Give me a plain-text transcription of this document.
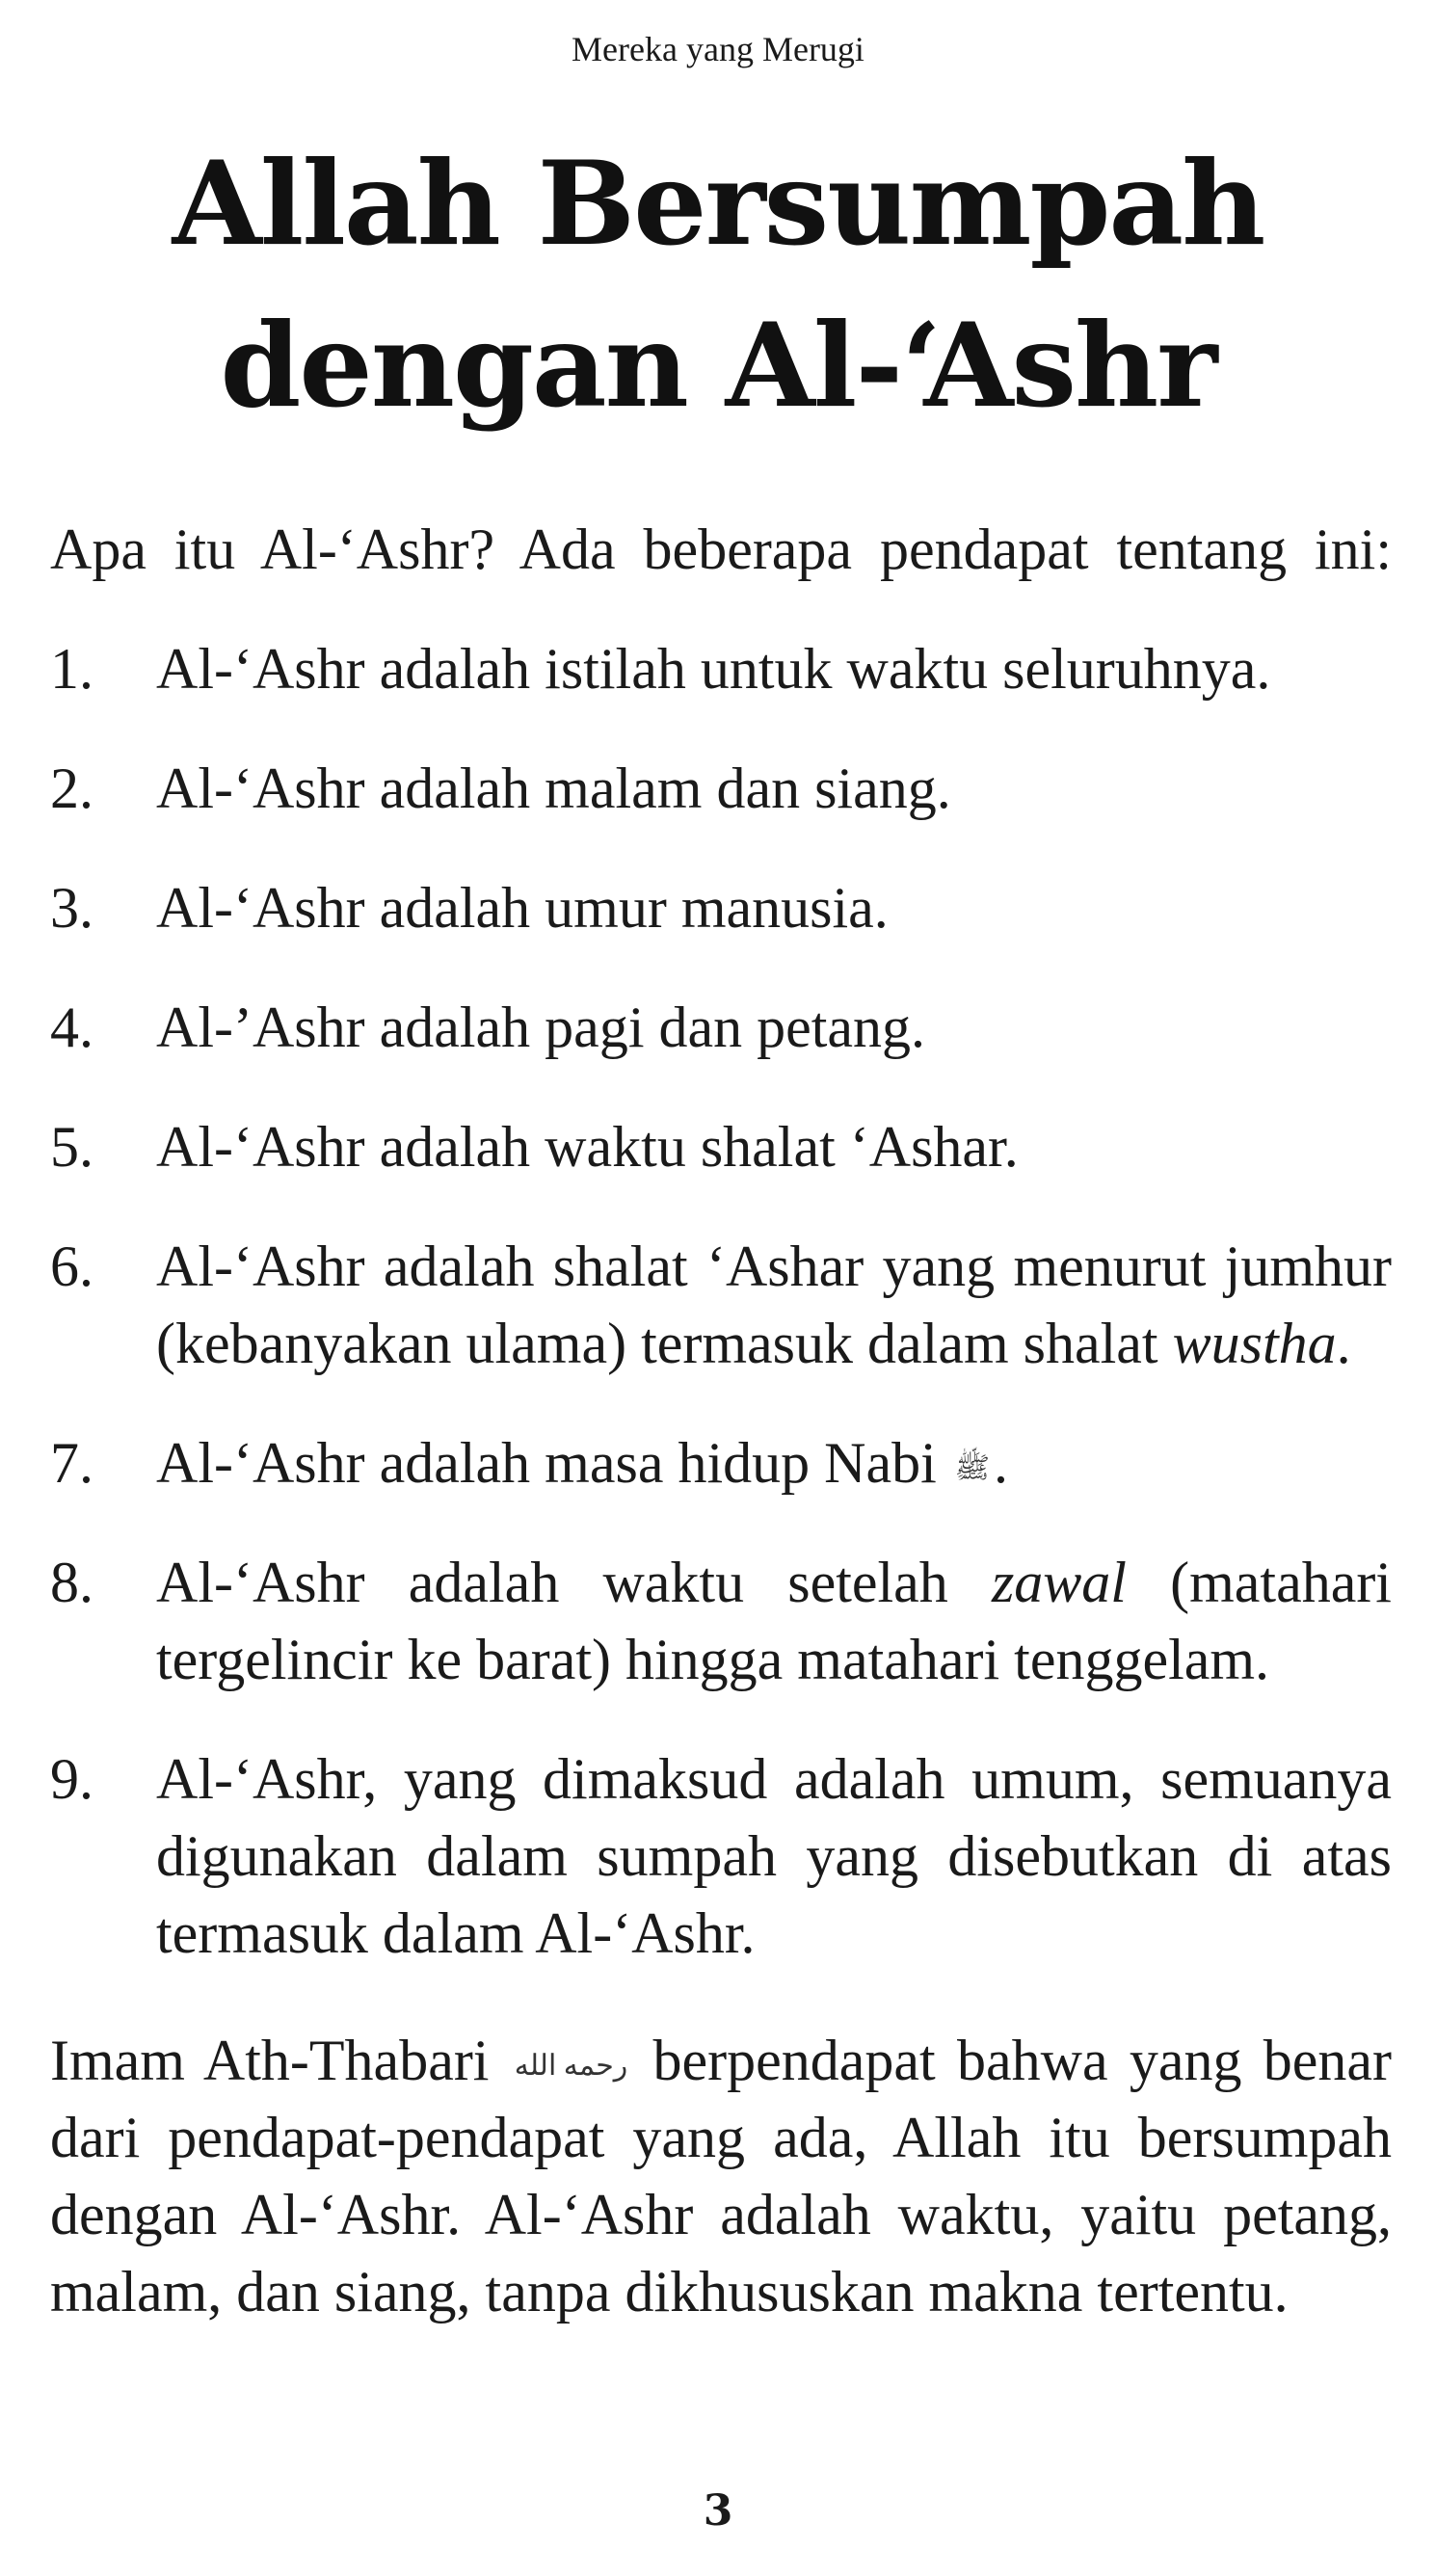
Mereka yang Merugi
Allah Bersumpah
dengan Al-‘Ashr

Apa itu Al-‘Ashr? Ada beberapa pendapat tentang ini:

1.	Al-‘Ashr adalah istilah untuk waktu seluruhnya.
2.	Al-‘Ashr adalah malam dan siang.
3.	Al-‘Ashr adalah umur manusia.
4.	Al-’Ashr adalah pagi dan petang.
5.	Al-‘Ashr adalah waktu shalat ‘Ashar.
6.	Al-‘Ashr adalah shalat ‘Ashar yang menurut jumhur (kebanyakan ulama) termasuk dalam shalat wustha.
7.	Al-‘Ashr adalah masa hidup Nabi ﷺ.
8.	Al-‘Ashr adalah waktu setelah zawal (matahari tergelincir ke barat) hingga matahari tenggelam.
9.	Al-‘Ashr, yang dimaksud adalah umum, semuanya digunakan dalam sumpah yang disebutkan di atas termasuk dalam Al-‘Ashr.

Imam Ath-Thabari رحمه الله berpendapat bahwa yang benar dari pendapat-pendapat yang ada, Allah itu bersumpah dengan Al-‘Ashr. Al-‘Ashr adalah waktu, yaitu petang, malam, dan siang, tanpa dikhususkan makna tertentu.

3
